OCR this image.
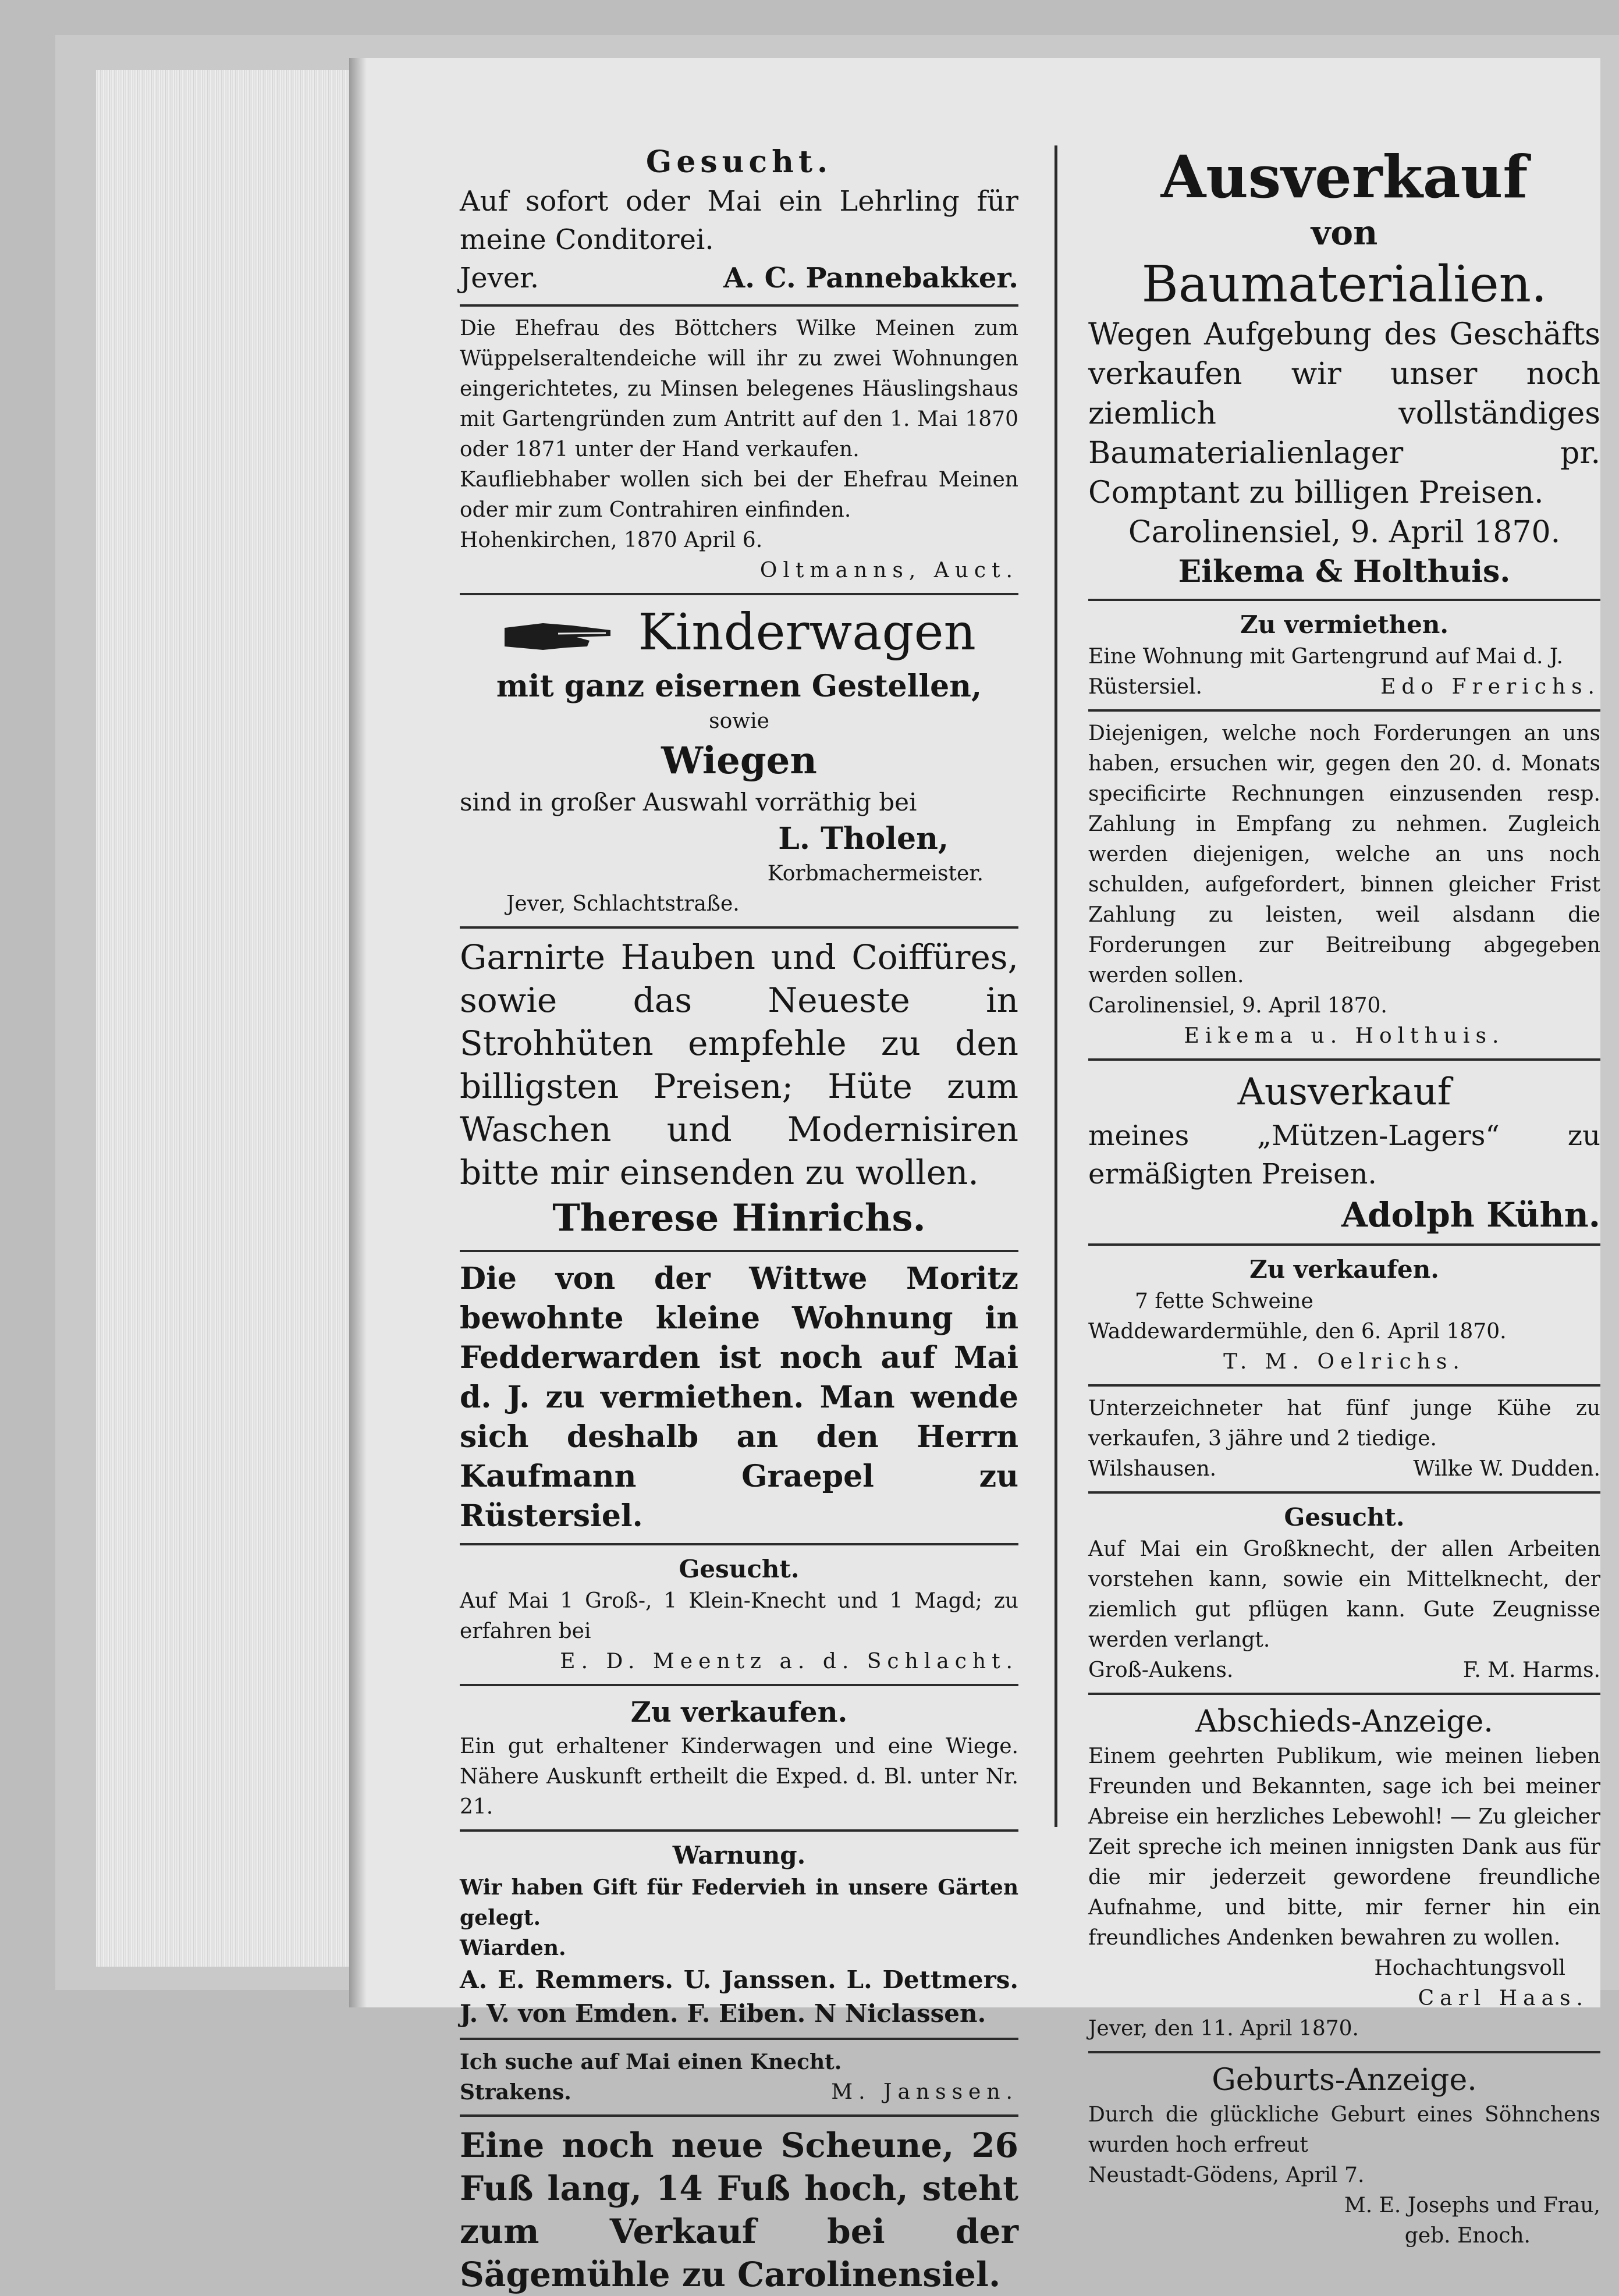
Gesucht.
Auf sofort oder Mai ein Lehrling für meine Conditorei.
Jever.	A. C. Pannebakker.
Die Ehefrau des Böttchers Wilke Meinen zum Wüppelseraltendeiche will ihr zu zwei Wohnungen eingerichtetes, zu Minsen belegenes Häuslingshaus mit Gartengründen zum Antritt auf den 1. Mai 1870 oder 1871 unter der Hand verkaufen.
Kaufliebhaber wollen sich bei der Ehefrau Meinen oder mir zum Contrahiren einfinden.
Hohenkirchen, 1870 April 6.
Oltmanns, Auct.
Kinderwagen
mit ganz eisernen Gestellen,
sowie
Wiegen
sind in großer Auswahl vorräthig bei
L. Tholen,
Korbmachermeister.
Jever, Schlachtstraße.
Garnirte Hauben und Coiffüres, sowie das Neueste in Strohhüten empfehle zu den billigsten Preisen; Hüte zum Waschen und Modernisiren bitte mir einsenden zu wollen.
Therese Hinrichs.
Die von der Wittwe Moritz bewohnte kleine Wohnung in Fedderwarden ist noch auf Mai d. J. zu vermiethen. Man wende sich deshalb an den Herrn Kaufmann Graepel zu Rüstersiel.
Gesucht.
Auf Mai 1 Groß-, 1 Klein-Knecht und 1 Magd; zu erfahren bei
E. D. Meentz a. d. Schlacht.
Zu verkaufen.
Ein gut erhaltener Kinderwagen und eine Wiege. Nähere Auskunft ertheilt die Exped. d. Bl. unter Nr. 21.
Warnung.
Wir haben Gift für Federvieh in unsere Gärten gelegt.
Wiarden.
A. E. Remmers. U. Janssen. L. Dettmers. J. V. von Emden. F. Eiben. N Niclassen.
Ich suche auf Mai einen Knecht.
Strakens.	M. Janssen.
Eine noch neue Scheune, 26 Fuß lang, 14 Fuß hoch, steht zum Verkauf bei der Sägemühle zu Carolinensiel.
Ausverkauf
von
Baumaterialien.
Wegen Aufgebung des Geschäfts verkaufen wir unser noch ziemlich vollständiges Baumaterialienlager pr. Comptant zu billigen Preisen.
Carolinensiel, 9. April 1870.
Eikema & Holthuis.
Zu vermiethen.
Eine Wohnung mit Gartengrund auf Mai d. J.
Rüstersiel.	Edo Frerichs.
Diejenigen, welche noch Forderungen an uns haben, ersuchen wir, gegen den 20. d. Monats specificirte Rechnungen einzusenden resp. Zahlung in Empfang zu nehmen. Zugleich werden diejenigen, welche an uns noch schulden, aufgefordert, binnen gleicher Frist Zahlung zu leisten, weil alsdann die Forderungen zur Beitreibung abgegeben werden sollen.
Carolinensiel, 9. April 1870.
Eikema u. Holthuis.
Ausverkauf
meines „Mützen-Lagers“ zu ermäßigten Preisen.
Adolph Kühn.
Zu verkaufen.
7 fette Schweine
Waddewardermühle, den 6. April 1870.
T. M. Oelrichs.
Unterzeichneter hat fünf junge Kühe zu verkaufen, 3 jähre und 2 tiedige.
Wilshausen.	Wilke W. Dudden.
Gesucht.
Auf Mai ein Großknecht, der allen Arbeiten vorstehen kann, sowie ein Mittelknecht, der ziemlich gut pflügen kann. Gute Zeugnisse werden verlangt.
Groß-Aukens.	F. M. Harms.
Abschieds-Anzeige.
Einem geehrten Publikum, wie meinen lieben Freunden und Bekannten, sage ich bei meiner Abreise ein herzliches Lebewohl! — Zu gleicher Zeit spreche ich meinen innigsten Dank aus für die mir jederzeit gewordene freundliche Aufnahme, und bitte, mir ferner hin ein freundliches Andenken bewahren zu wollen.
Hochachtungsvoll
Carl Haas.
Jever, den 11. April 1870.
Geburts-Anzeige.
Durch die glückliche Geburt eines Söhnchens wurden hoch erfreut
Neustadt-Gödens, April 7.
M. E. Josephs und Frau,
geb. Enoch.
